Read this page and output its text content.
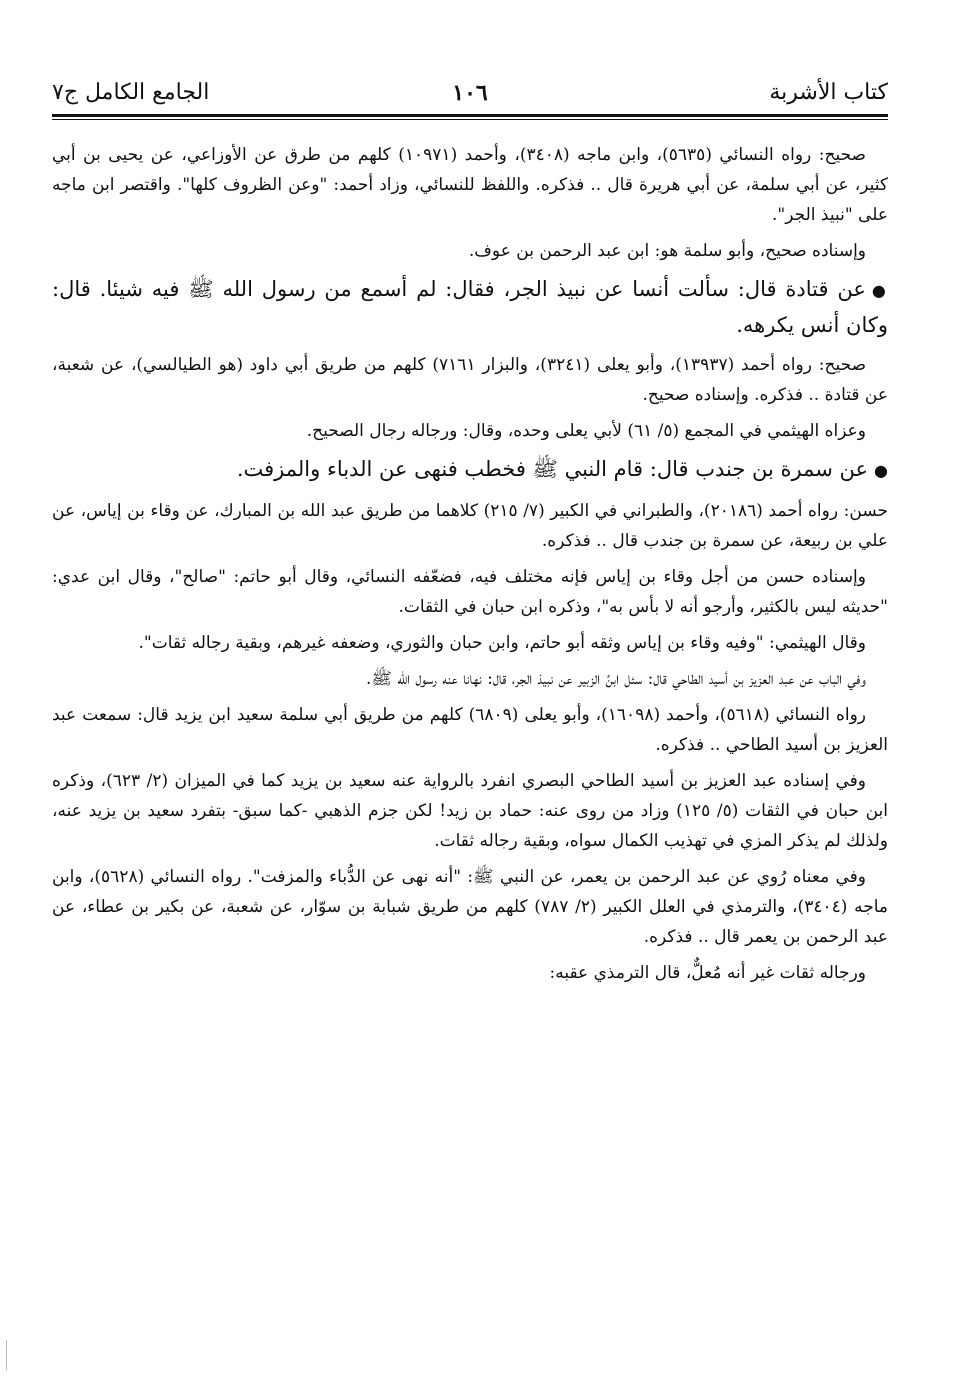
كتاب الأشربة
١٠٦
الجامع الكامل ج٧

صحيح: رواه النسائي (٥٦٣٥)، وابن ماجه (٣٤٠٨)، وأحمد (١٠٩٧١) كلهم من طرق عن الأوزاعي، عن يحيى بن أبي كثير، عن أبي سلمة، عن أبي هريرة قال .. فذكره. واللفظ للنسائي، وزاد أحمد: "وعن الظروف كلها". واقتصر ابن ماجه على "نبيذ الجر".

وإسناده صحيح، وأبو سلمة هو: ابن عبد الرحمن بن عوف.

●عن قتادة قال: سألت أنسا عن نبيذ الجر، فقال: لم أسمع من رسول الله ﷺ فيه شيئا. قال: وكان أنس يكرهه.

صحيح: رواه أحمد (١٣٩٣٧)، وأبو يعلى (٣٢٤١)، والبزار ٧١٦١) كلهم من طريق أبي داود (هو الطيالسي)، عن شعبة، عن قتادة .. فذكره. وإسناده صحيح.

وعزاه الهيثمي في المجمع (٥/ ٦١) لأبي يعلى وحده، وقال: ورجاله رجال الصحيح.

●عن سمرة بن جندب قال: قام النبي ﷺ فخطب فنهى عن الدباء والمزفت.

حسن: رواه أحمد (٢٠١٨٦)، والطبراني في الكبير (٧/ ٢١٥) كلاهما من طريق عبد الله بن المبارك، عن وقاء بن إياس، عن علي بن ربيعة، عن سمرة بن جندب قال .. فذكره.

وإسناده حسن من أجل وقاء بن إياس فإنه مختلف فيه، فضعّفه النسائي، وقال أبو حاتم: "صالح"، وقال ابن عدي: "حديثه ليس بالكثير، وأرجو أنه لا بأس به"، وذكره ابن حبان في الثقات.

وقال الهيثمي: "وفيه وقاء بن إياس وثقه أبو حاتم، وابن حبان والثوري، وضعفه غيرهم، وبقية رجاله ثقات".

وفي الباب عن عبد العزيز بن أسيد الطاحي قال: سئل ابنُ الزبير عن نبيذ الجر، قال: نهانا عنه رسول الله ﷺ.

رواه النسائي (٥٦١٨)، وأحمد (١٦٠٩٨)، وأبو يعلى (٦٨٠٩) كلهم من طريق أبي سلمة سعيد ابن يزيد قال: سمعت عبد العزيز بن أسيد الطاحي .. فذكره.

وفي إسناده عبد العزيز بن أسيد الطاحي البصري انفرد بالرواية عنه سعيد بن يزيد كما في الميزان (٢/ ٦٢٣)، وذكره ابن حبان في الثقات (٥/ ١٢٥) وزاد من روى عنه: حماد بن زيد! لكن جزم الذهبي -كما سبق- بتفرد سعيد بن يزيد عنه، ولذلك لم يذكر المزي في تهذيب الكمال سواه، وبقية رجاله ثقات.

وفي معناه رُوي عن عبد الرحمن بن يعمر، عن النبي ﷺ: "أنه نهى عن الدُّباء والمزفت". رواه النسائي (٥٦٢٨)، وابن ماجه (٣٤٠٤)، والترمذي في العلل الكبير (٢/ ٧٨٧) كلهم من طريق شبابة بن سوّار، عن شعبة، عن بكير بن عطاء، عن عبد الرحمن بن يعمر قال .. فذكره.

ورجاله ثقات غير أنه مُعلٌّ، قال الترمذي عقبه:
